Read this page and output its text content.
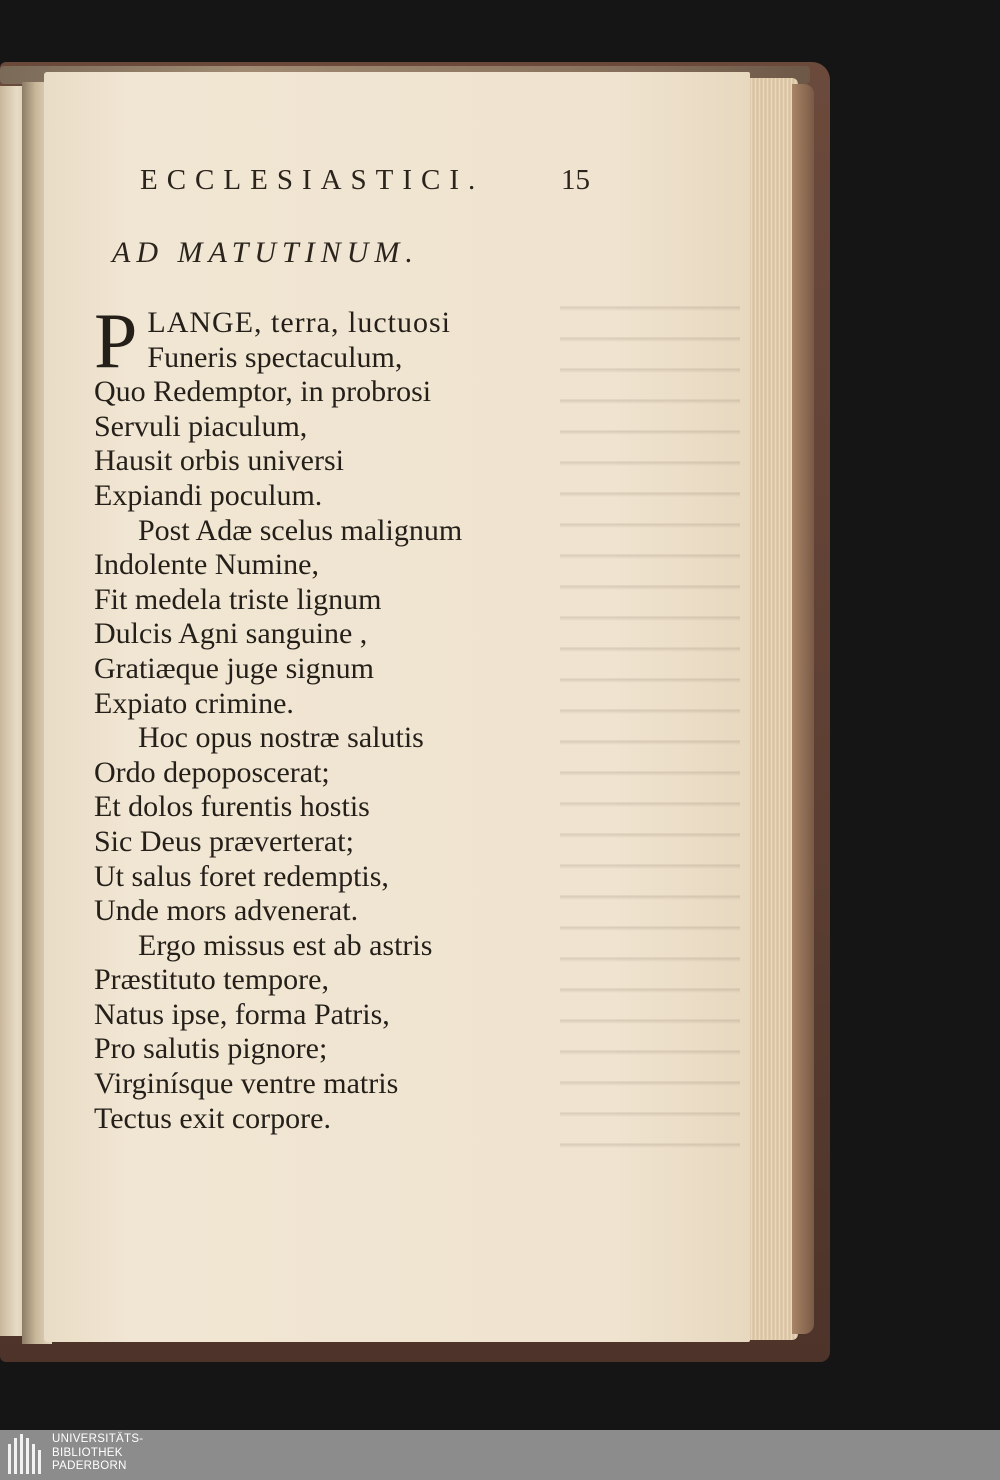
ECCLESIASTICI.	15
AD MATUTINUM.
P LANGE, terra, luctuosi
Funeris spectaculum,
Quo Redemptor, in probrosi
Servuli piaculum,
Hausit orbis universi
Expiandi poculum.
Post Adæ scelus malignum
Indolente Numine,
Fit medela triste lignum
Dulcis Agni sanguine ,
Gratiæque juge signum
Expiato crimine.
Hoc opus nostræ salutis
Ordo depoposcerat;
Et dolos furentis hostis
Sic Deus præverterat;
Ut salus foret redemptis,
Unde mors advenerat.
Ergo missus est ab astris
Præstituto tempore,
Natus ipse, forma Patris,
Pro salutis pignore;
Virginísque ventre matris
Tectus exit corpore.
UNIVERSITÄTS-
BIBLIOTHEK
PADERBORN
